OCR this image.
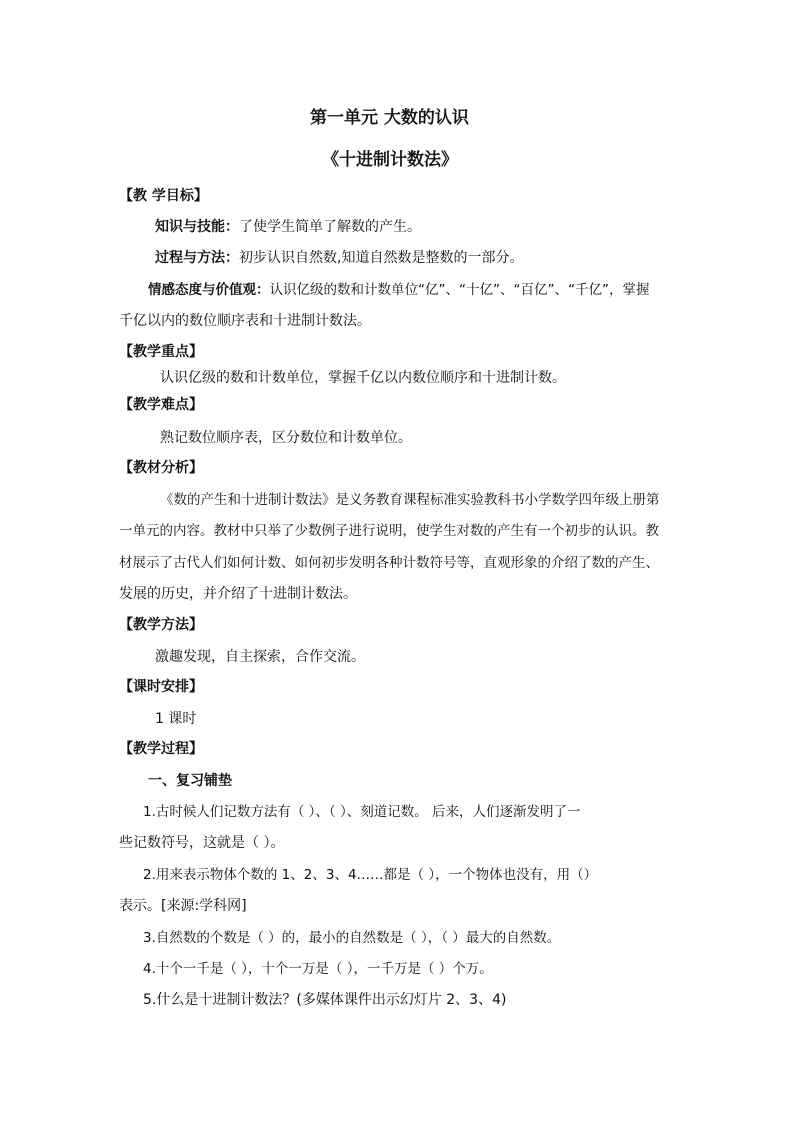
第一单元 大数的认识
《十进制计数法》
【教 学目标】
知识与技能：了使学生简单了解数的产生。
过程与方法：初步认识自然数,知道自然数是整数的一部分。
情感态度与价值观：认识亿级的数和计数单位“亿”、“十亿”、“百亿”、“千亿”，掌握
千亿以内的数位顺序表和十进制计数法。
【教学重点】
认识亿级的数和计数单位，掌握千亿以内数位顺序和十进制计数。
【教学难点】
熟记数位顺序表，区分数位和计数单位。
【教材分析】
《数的产生和十进制计数法》是义务教育课程标准实验教科书小学数学四年级上册第
一单元的内容。教材中只举了少数例子进行说明，使学生对数的产生有一个初步的认识。教
材展示了古代人们如何计数、如何初步发明各种计数符号等，直观形象的介绍了数的产生、
发展的历史，并介绍了十进制计数法。
【教学方法】
激趣发现，自主探索，合作交流。
【课时安排】
1 课时
【教学过程】
一、复习铺垫
1.古时候人们记数方法有（ ）、（ ）、刻道记数。 后来，人们逐渐发明了一
些记数符号，这就是（ ）。
2.用来表示物体个数的 1、2、3、4……都是（ ），一个物体也没有，用（）
表示。[来源:学科网]
3.自然数的个数是（ ）的，最小的自然数是（ ），（ ）最大的自然数。
4.十个一千是（ ），十个一万是（ ），一千万是（ ）个万。
5.什么是十进制计数法？(多媒体课件出示幻灯片 2、3、4)
